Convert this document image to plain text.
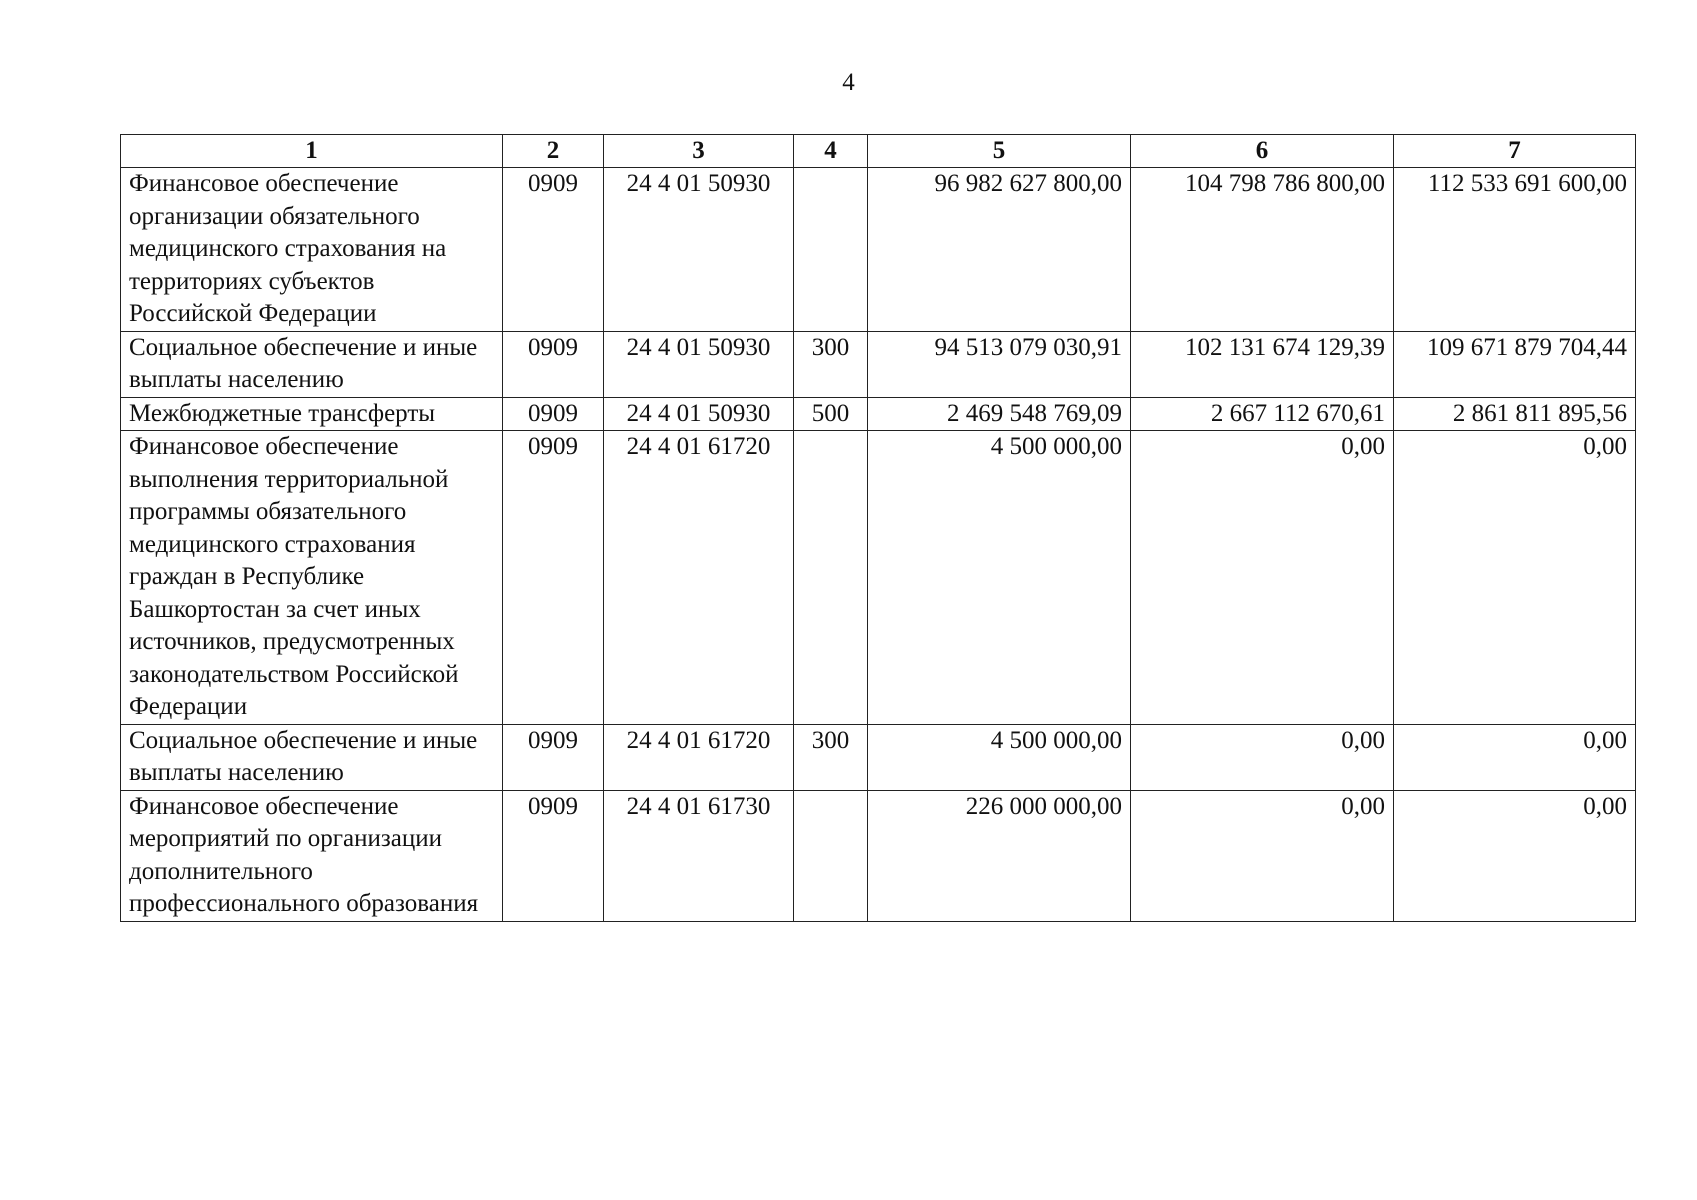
4
1	2	3	4	5	6	7
Финансовое обеспечение организации обязательного медицинского страхования на территориях субъектов Российской Федерации	0909	24 4 01 50930		96 982 627 800,00	104 798 786 800,00	112 533 691 600,00
Социальное обеспечение и иные выплаты населению	0909	24 4 01 50930	300	94 513 079 030,91	102 131 674 129,39	109 671 879 704,44
Межбюджетные трансферты	0909	24 4 01 50930	500	2 469 548 769,09	2 667 112 670,61	2 861 811 895,56
Финансовое обеспечение выполнения территориальной программы обязательного медицинского страхования граждан в Республике Башкортостан за счет иных источников, предусмотренных законодательством Российской Федерации	0909	24 4 01 61720		4 500 000,00	0,00	0,00
Социальное обеспечение и иные выплаты населению	0909	24 4 01 61720	300	4 500 000,00	0,00	0,00
Финансовое обеспечение мероприятий по организации дополнительного профессионального образования	0909	24 4 01 61730		226 000 000,00	0,00	0,00
